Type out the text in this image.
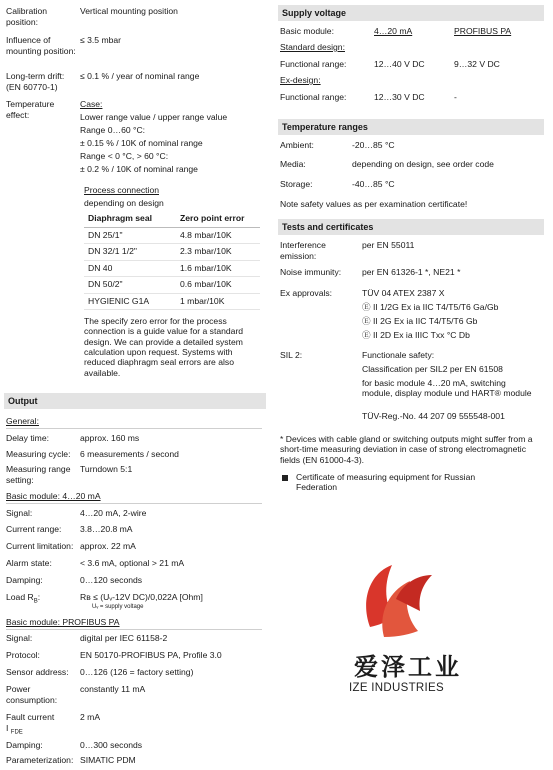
Calibration position:
Vertical mounting position
Influence of mounting position:
≤ 3.5 mbar
Long-term drift: (EN 60770-1)
≤ 0.1 % / year of nominal range
Temperature effect:
Case:
Lower range value / upper range value
Range 0…60 °C:
± 0.15 % / 10K of nominal range
Range < 0 °C, > 60 °C:
± 0.2 % / 10K of nominal range
Process connection
depending on design
Diaphragm seal	Zero point error
DN 25/1"	4.8 mbar/10K
DN 32/1 1/2"	2.3 mbar/10K
DN 40	1.6 mbar/10K
DN 50/2"	0.6 mbar/10K
HYGIENIC G1A	1 mbar/10K
The specify zero error for the process connection is a guide value for a standard design. We can provide a detailed system calculation upon request. Systems with reduced diaphragm seal errors are also available.
Output
General:
Delay time:	approx. 160 ms
Measuring cycle:	6 measurements / second
Measuring range setting:
Turndown 5:1
Basic module: 4…20 mA
Signal:	4…20 mA, 2-wire
Current range:	3.8…20.8 mA
Current limitation: approx. 22 mA
Alarm state:	< 3.6 mA, optional > 21 mA
Damping:	0…120 seconds
Load $R_B$:	Rʙ ≤ (Uᵥ-12V DC)/0,022A [Ohm]
Uᵥ = supply voltage
Basic module: PROFIBUS PA
Signal:	digital per IEC 61158-2
Protocol:	EN 50170-PROFIBUS PA, Profile 3.0
Sensor address:	0…126 (126 = factory setting)
Power consumption:
constantly 11 mA
Fault current
I $_{FDE}$
2 mA
Damping:	0…300 seconds
Parameterization: SIMATIC PDM
Supply voltage
Basic module:	4…20 mA	PROFIBUS PA
Standard design:
Functional range:	12…40 V DC	9…32 V DC
Ex-design:
Functional range:	12…30 V DC	-
Temperature ranges
Ambient:	-20…85 °C
Media:	depending on design, see order code
Storage:	-40…85 °C
Note safety values as per examination certificate!
Tests and certificates
Interference emission:
per EN 55011
Noise immunity: per EN 61326-1 *, NE21 *
Ex approvals:	TÜV 04 ATEX 2387 X
Ⓔ II 1/2G Ex ia IIC T4/T5/T6 Ga/Gb
Ⓔ II 2G Ex ia IIC T4/T5/T6 Gb
Ⓔ II 2D Ex ia IIIC Txx °C Db
SIL 2:	Functionale safety:
Classification per SIL2 per EN 61508
for basic module 4…20 mA, switching module, display module und HART® module
TÜV-Reg.-No. 44 207 09 555548-001
* Devices with cable gland or switching outputs might suffer from a short-time measuring deviation in case of strong electromagnetic fields (EN 61000-4-3).
Certificate of measuring equipment for Russian Federation
爱泽工业
IZE INDUSTRIES
